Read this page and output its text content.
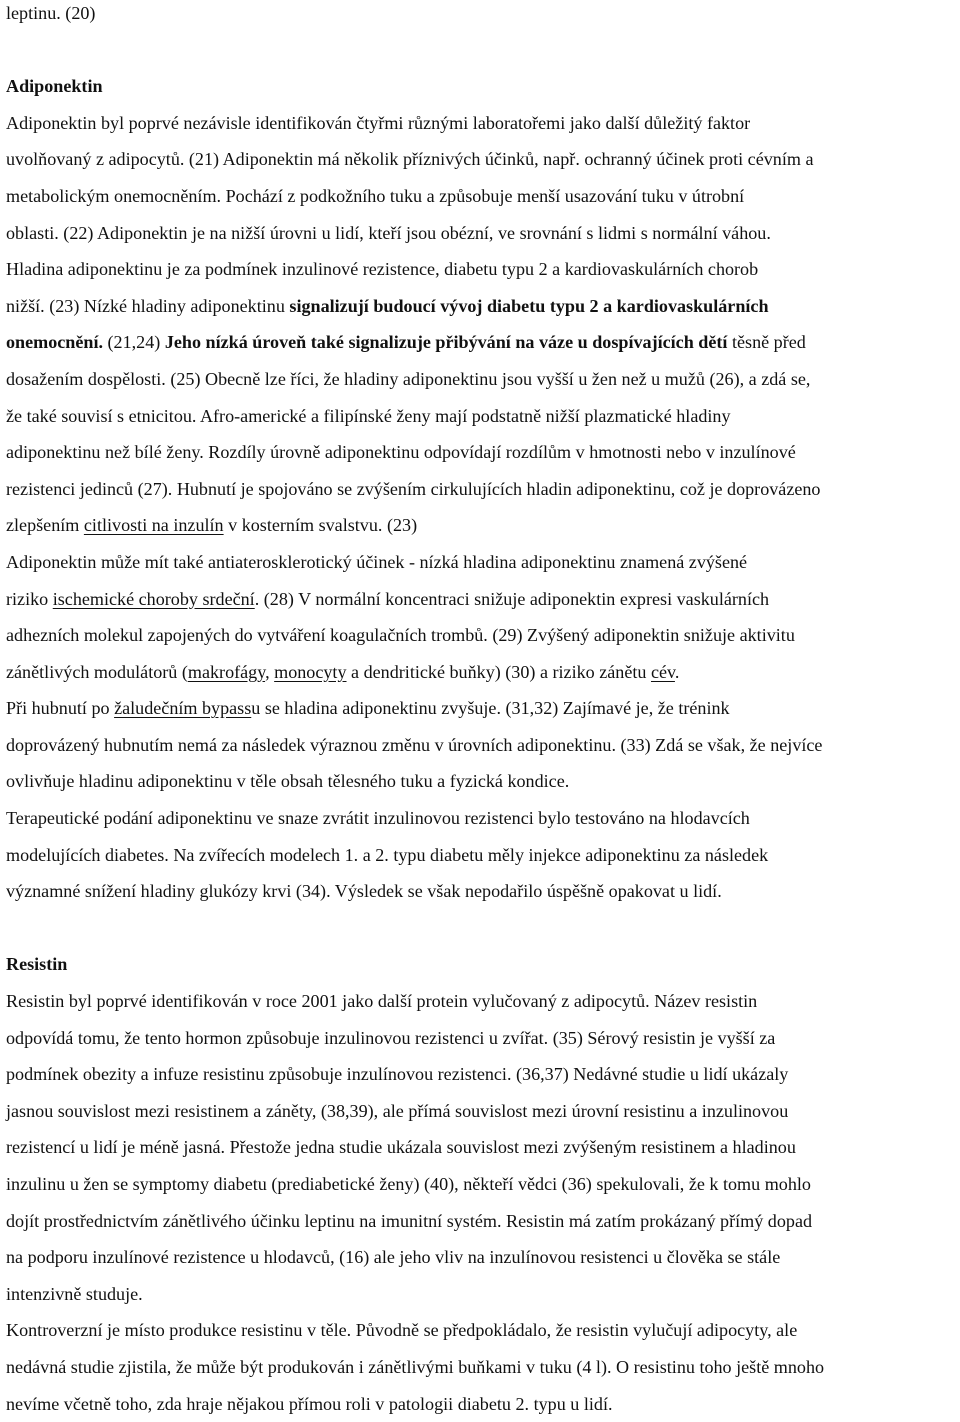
leptinu. (20)
Adiponektin
Adiponektin byl poprvé nezávisle identifikován čtyřmi různými laboratořemi jako další důležitý faktor
uvolňovaný z adipocytů. (21) Adiponektin má několik příznivých účinků, např. ochranný účinek proti cévním a
metabolickým onemocněním. Pochází z podkožního tuku a způsobuje menší usazování tuku v útrobní
oblasti. (22) Adiponektin je na nižší úrovni u lidí, kteří jsou obézní, ve srovnání s lidmi s normální váhou.
Hladina adiponektinu je za podmínek inzulinové rezistence, diabetu typu 2 a kardiovaskulárních chorob
nižší. (23) Nízké hladiny adiponektinu signalizují budoucí vývoj diabetu typu 2 a kardiovaskulárních
onemocnění. (21,24) Jeho nízká úroveň také signalizuje přibývání na váze u dospívajících dětí těsně před
dosažením dospělosti. (25) Obecně lze říci, že hladiny adiponektinu jsou vyšší u žen než u mužů (26), a zdá se,
že také souvisí s etnicitou. Afro-americké a filipínské ženy mají podstatně nižší plazmatické hladiny
adiponektinu než bílé ženy. Rozdíly úrovně adiponektinu odpovídají rozdílům v hmotnosti nebo v inzulínové
rezistenci jedinců (27). Hubnutí je spojováno se zvýšením cirkulujících hladin adiponektinu, což je doprovázeno
zlepšením citlivosti na inzulín v kosterním svalstvu. (23)
Adiponektin může mít také antiaterosklerotický účinek - nízká hladina adiponektinu znamená zvýšené
riziko ischemické choroby srdeční. (28) V normální koncentraci snižuje adiponektin expresi vaskulárních
adhezních molekul zapojených do vytváření koagulačních trombů. (29) Zvýšený adiponektin snižuje aktivitu
zánětlivých modulátorů (makrofágy, monocyty a dendritické buňky) (30) a riziko zánětu cév.
Při hubnutí po žaludečním bypassu se hladina adiponektinu zvyšuje. (31,32) Zajímavé je, že trénink
doprovázený hubnutím nemá za následek výraznou změnu v úrovních adiponektinu. (33) Zdá se však, že nejvíce
ovlivňuje hladinu adiponektinu v těle obsah tělesného tuku a fyzická kondice.
Terapeutické podání adiponektinu ve snaze zvrátit inzulinovou rezistenci bylo testováno na hlodavcích
modelujících diabetes. Na zvířecích modelech 1. a 2. typu diabetu měly injekce adiponektinu za následek
významné snížení hladiny glukózy krvi (34). Výsledek se však nepodařilo úspěšně opakovat u lidí.
Resistin
Resistin byl poprvé identifikován v roce 2001 jako další protein vylučovaný z adipocytů. Název resistin
odpovídá tomu, že tento hormon způsobuje inzulinovou rezistenci u zvířat. (35) Sérový resistin je vyšší za
podmínek obezity a infuze resistinu způsobuje inzulínovou rezistenci. (36,37) Nedávné studie u lidí ukázaly
jasnou souvislost mezi resistinem a záněty, (38,39), ale přímá souvislost mezi úrovní resistinu a inzulinovou
rezistencí u lidí je méně jasná. Přestože jedna studie ukázala souvislost mezi zvýšeným resistinem a hladinou
inzulinu u žen se symptomy diabetu (prediabetické ženy) (40), někteří vědci (36) spekulovali, že k tomu mohlo
dojít prostřednictvím zánětlivého účinku leptinu na imunitní systém. Resistin má zatím prokázaný přímý dopad
na podporu inzulínové rezistence u hlodavců, (16) ale jeho vliv na inzulínovou resistenci u člověka se stále
intenzivně studuje.
Kontroverzní je místo produkce resistinu v těle. Původně se předpokládalo, že resistin vylučují adipocyty, ale
nedávná studie zjistila, že může být produkován i zánětlivými buňkami v tuku (4 l). O resistinu toho ještě mnoho
nevíme včetně toho, zda hraje nějakou přímou roli v patologii diabetu 2. typu u lidí.
